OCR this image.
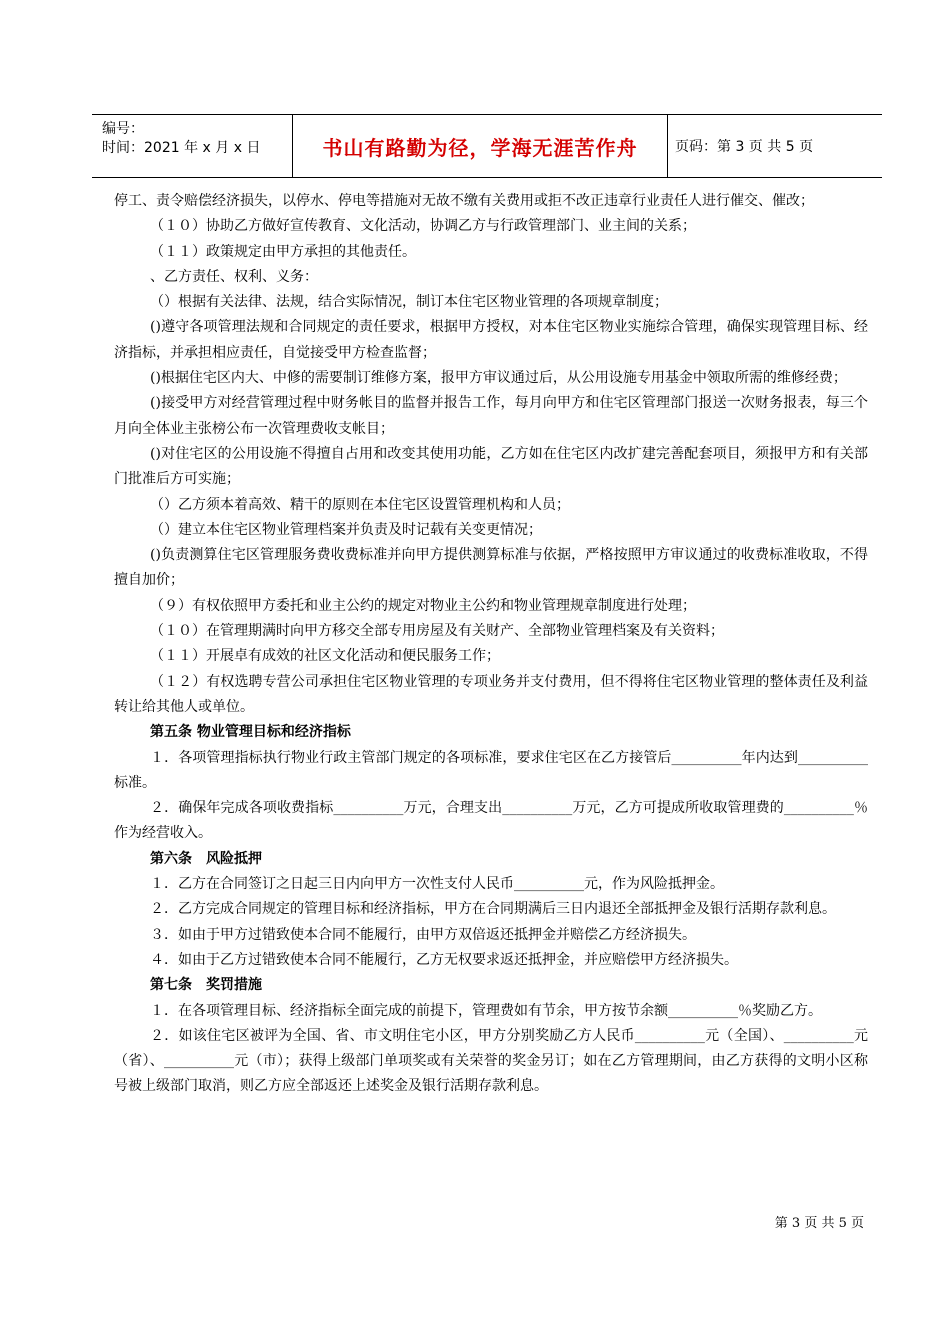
编号：
时间：2021 年 x 月 x 日	书山有路勤为径，学海无涯苦作舟	页码：第 3 页 共 5 页

停工、责令赔偿经济损失，以停水、停电等措施对无故不缴有关费用或拒不改正违章行业责任人进行催交、催改；

（１０）协助乙方做好宣传教育、文化活动，协调乙方与行政管理部门、业主间的关系；

（１１）政策规定由甲方承担的其他责任。

、乙方责任、权利、义务：

（）根据有关法律、法规，结合实际情况，制订本住宅区物业管理的各项规章制度；

()遵守各项管理法规和合同规定的责任要求，根据甲方授权，对本住宅区物业实施综合管理，确保实现管理目标、经济指标，并承担相应责任，自觉接受甲方检查监督；

()根据住宅区内大、中修的需要制订维修方案，报甲方审议通过后，从公用设施专用基金中领取所需的维修经费；

()接受甲方对经营管理过程中财务帐目的监督并报告工作，每月向甲方和住宅区管理部门报送一次财务报表，每三个月向全体业主张榜公布一次管理费收支帐目；

()对住宅区的公用设施不得擅自占用和改变其使用功能，乙方如在住宅区内改扩建完善配套项目，须报甲方和有关部门批准后方可实施；

（）乙方须本着高效、精干的原则在本住宅区设置管理机构和人员；

（）建立本住宅区物业管理档案并负责及时记载有关变更情况；

()负责测算住宅区管理服务费收费标准并向甲方提供测算标准与依据，严格按照甲方审议通过的收费标准收取，不得擅自加价；

（９）有权依照甲方委托和业主公约的规定对物业主公约和物业管理规章制度进行处理；

（１０）在管理期满时向甲方移交全部专用房屋及有关财产、全部物业管理档案及有关资料；

（１１）开展卓有成效的社区文化活动和便民服务工作；

（１２）有权选聘专营公司承担住宅区物业管理的专项业务并支付费用，但不得将住宅区物业管理的整体责任及利益转让给其他人或单位。

第五条 物业管理目标和经济指标

１．各项管理指标执行物业行政主管部门规定的各项标准，要求住宅区在乙方接管后__________年内达到__________标准。

２．确保年完成各项收费指标__________万元，合理支出__________万元，乙方可提成所收取管理费的__________％作为经营收入。

第六条　风险抵押

１．乙方在合同签订之日起三日内向甲方一次性支付人民币__________元，作为风险抵押金。

２．乙方完成合同规定的管理目标和经济指标，甲方在合同期满后三日内退还全部抵押金及银行活期存款利息。

３．如由于甲方过错致使本合同不能履行，由甲方双倍返还抵押金并赔偿乙方经济损失。

４．如由于乙方过错致使本合同不能履行，乙方无权要求返还抵押金，并应赔偿甲方经济损失。

第七条　奖罚措施

１．在各项管理目标、经济指标全面完成的前提下，管理费如有节余，甲方按节余额__________％奖励乙方。

２．如该住宅区被评为全国、省、市文明住宅小区，甲方分别奖励乙方人民币__________元（全国）、__________元（省）、__________元（市）；获得上级部门单项奖或有关荣誉的奖金另订；如在乙方管理期间，由乙方获得的文明小区称号被上级部门取消，则乙方应全部返还上述奖金及银行活期存款利息。

第 3 页 共 5 页
